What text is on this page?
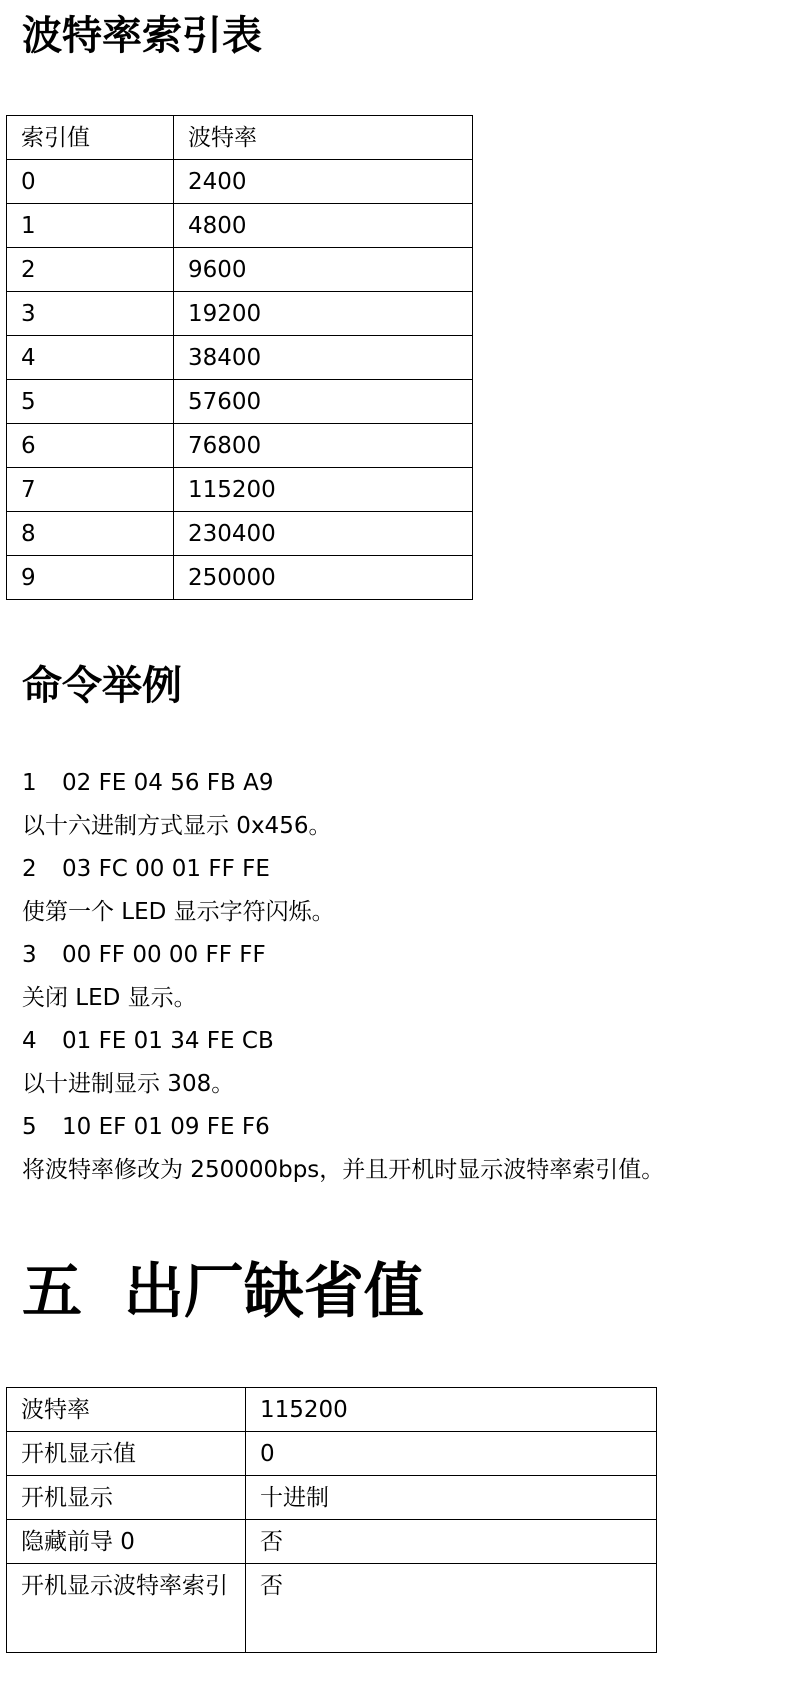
波特率索引表
索引值	波特率
0	2400
1	4800
2	9600
3	19200
4	38400
5	57600
6	76800
7	115200
8	230400
9	250000
命令举例
1 02 FE 04 56 FB A9
以十六进制方式显示 0x456。
2 03 FC 00 01 FF FE
使第一个 LED 显示字符闪烁。
3 00 FF 00 00 FF FF
关闭 LED 显示。
4 01 FE 01 34 FE CB
以十进制显示 308。
5 10 EF 01 09 FE F6
将波特率修改为 250000bps，并且开机时显示波特率索引值。
五  出厂缺省值
波特率	115200
开机显示值	0
开机显示	十进制
隐藏前导 0	否
开机显示波特率索引	否
